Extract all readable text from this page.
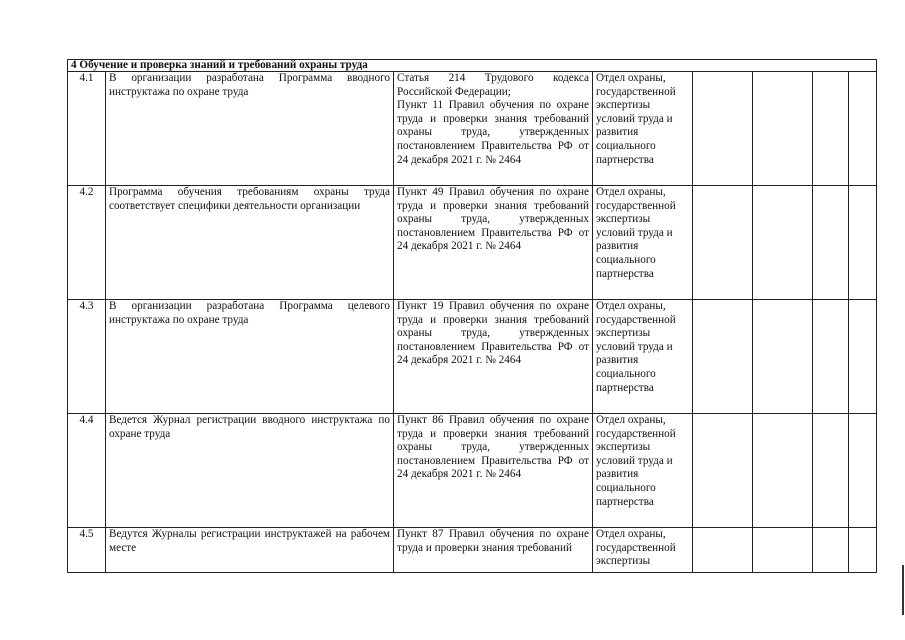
4 Обучение и проверка знаний и требований охраны труда							
4.1	В организации разработана Программа вводного инструктажа по охране труда	Статья 214 Трудового кодекса Российской Федерации;
Пункт 11 Правил обучения по охране труда и проверки знания требований охраны труда, утвержденных постановлением Правительства РФ от 24 декабря 2021 г. № 2464	Отдел охраны, государственной экспертизы условий труда и развития социального партнерства				
4.2	Программа обучения требованиям охраны труда соответствует специфики деятельности организации	Пункт 49 Правил обучения по охране труда и проверки знания требований охраны труда, утвержденных постановлением Правительства РФ от 24 декабря 2021 г. № 2464	Отдел охраны, государственной экспертизы условий труда и развития социального партнерства				
4.3	В организации разработана Программа целевого инструктажа по охране труда	Пункт 19 Правил обучения по охране труда и проверки знания требований охраны труда, утвержденных постановлением Правительства РФ от 24 декабря 2021 г. № 2464	Отдел охраны, государственной экспертизы условий труда и развития социального партнерства				
4.4	Ведется Журнал регистрации вводного инструктажа по охране труда	Пункт 86 Правил обучения по охране труда и проверки знания требований охраны труда, утвержденных постановлением Правительства РФ от 24 декабря 2021 г. № 2464	Отдел охраны, государственной экспертизы условий труда и развития социального партнерства				
4.5	Ведутся Журналы регистрации инструктажей на рабочем месте	Пункт 87 Правил обучения по охране труда и проверки знания требований	Отдел охраны, государственной экспертизы				
